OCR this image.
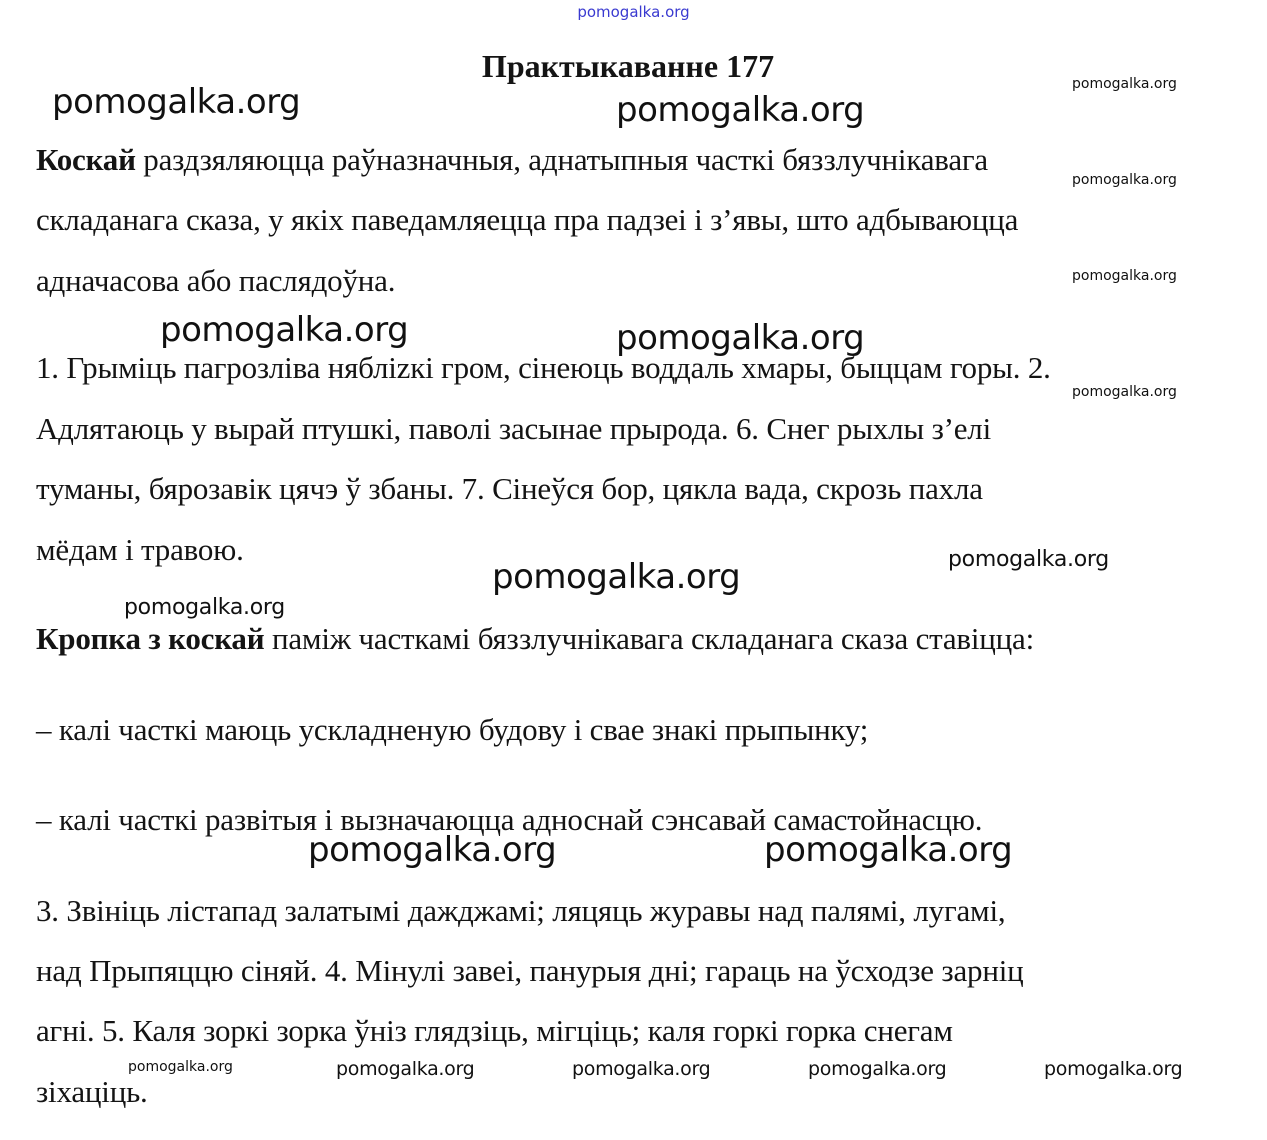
pomogalka.org
Практыкаванне 177

Коскай раздзяляюцца раўназначныя, аднатыпныя часткі бяззлучнікавага

складанага сказа, у якіх паведамляецца пра падзеі і з’явы, што адбываюцца

адначасова або паслядоўна.

1. Грыміць пагрозліва нябліzкі гром, сінеюць воддаль хмары, быццам горы. 2.

Адлятаюць у вырай птушкі, паволі засынае прырода. 6. Снег рыхлы з’елі

туманы, бярозавік цячэ ў збаны. 7. Сінеўся бор, цякла вада, скрозь пахла

мёдам і травою.

Кропка з коскай паміж часткамі бяззлучнікавага складанага сказа ставіцца:

– калі часткі маюць ускладненую будову і свае знакі прыпынку;

– калі часткі развітыя і вызначаюцца адноснай сэнсавай самастойнасцю.

3. Звініць лістапад залатымі дажджамі; ляцяць журавы над палямі, лугамі,

над Прыпяццю сіняй. 4. Мінулі завеі, панурыя дні; гараць на ўсходзе зарніц

агні. 5. Каля зоркі зорка ўніз глядзіць, мігціць; каля горкі горка снегам

зіхаціць.

pomogalka.org	pomogalka.org
pomogalka.org
pomogalka.org
pomogalka.org
pomogalka.org	pomogalka.org
pomogalka.org
pomogalka.org	pomogalka.org
pomogalka.org
pomogalka.org	pomogalka.org
pomogalka.org	pomogalka.org	pomogalka.org	pomogalka.org	pomogalka.org
